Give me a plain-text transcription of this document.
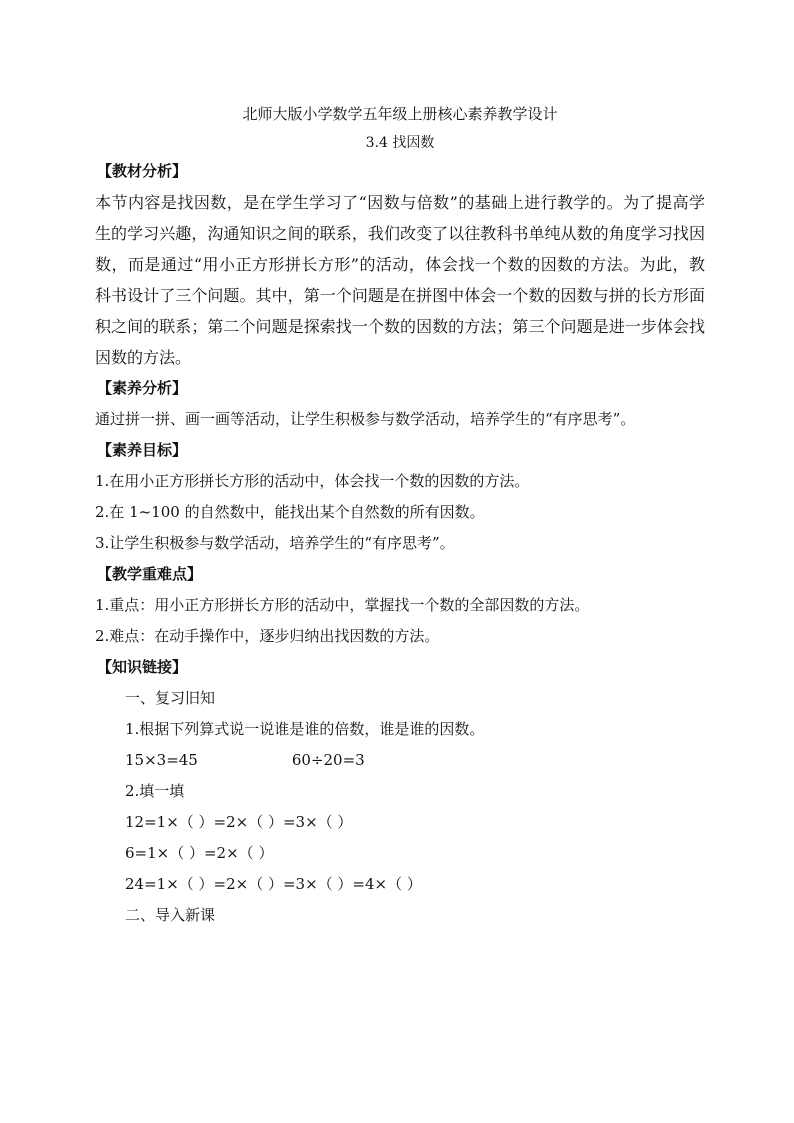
北师大版小学数学五年级上册核心素养教学设计
3.4 找因数
【教材分析】
本节内容是找因数，是在学生学习了“因数与倍数”的基础上进行教学的。为了提高学
生的学习兴趣，沟通知识之间的联系，我们改变了以往教科书单纯从数的角度学习找因
数，而是通过“用小正方形拼长方形”的活动，体会找一个数的因数的方法。为此，教
科书设计了三个问题。其中，第一个问题是在拼图中体会一个数的因数与拼的长方形面
积之间的联系；第二个问题是探索找一个数的因数的方法；第三个问题是进一步体会找
因数的方法。
【素养分析】
通过拼一拼、画一画等活动，让学生积极参与数学活动，培养学生的“有序思考”。
【素养目标】
1.在用小正方形拼长方形的活动中，体会找一个数的因数的方法。
2.在 1~100 的自然数中，能找出某个自然数的所有因数。
3.让学生积极参与数学活动，培养学生的“有序思考”。
【教学重难点】
1.重点：用小正方形拼长方形的活动中，掌握找一个数的全部因数的方法。
2.难点：在动手操作中，逐步归纳出找因数的方法。
【知识链接】
一、复习旧知
1.根据下列算式说一说谁是谁的倍数，谁是谁的因数。
15×3=45	60÷20=3
2.填一填
12=1×（ ）=2×（ ）=3×（ ）
6=1×（ ）=2×（ ）
24=1×（ ）=2×（ ）=3×（ ）=4×（ ）
二、导入新课
